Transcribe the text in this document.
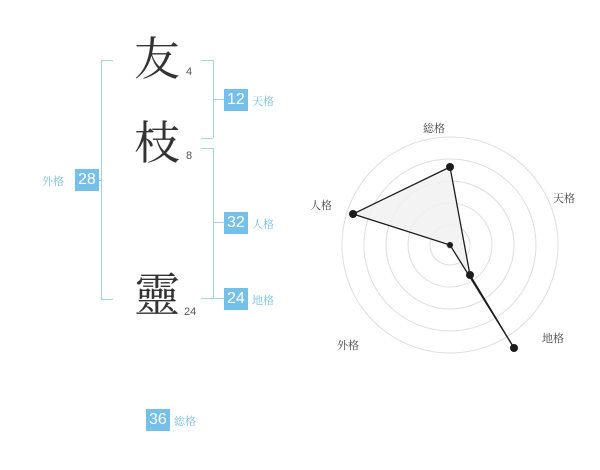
友
枝
靈
4
8
24
12 天格
32 人格
24 地格
28
外格
36 総格
総格
天格
地格
外格
人格
